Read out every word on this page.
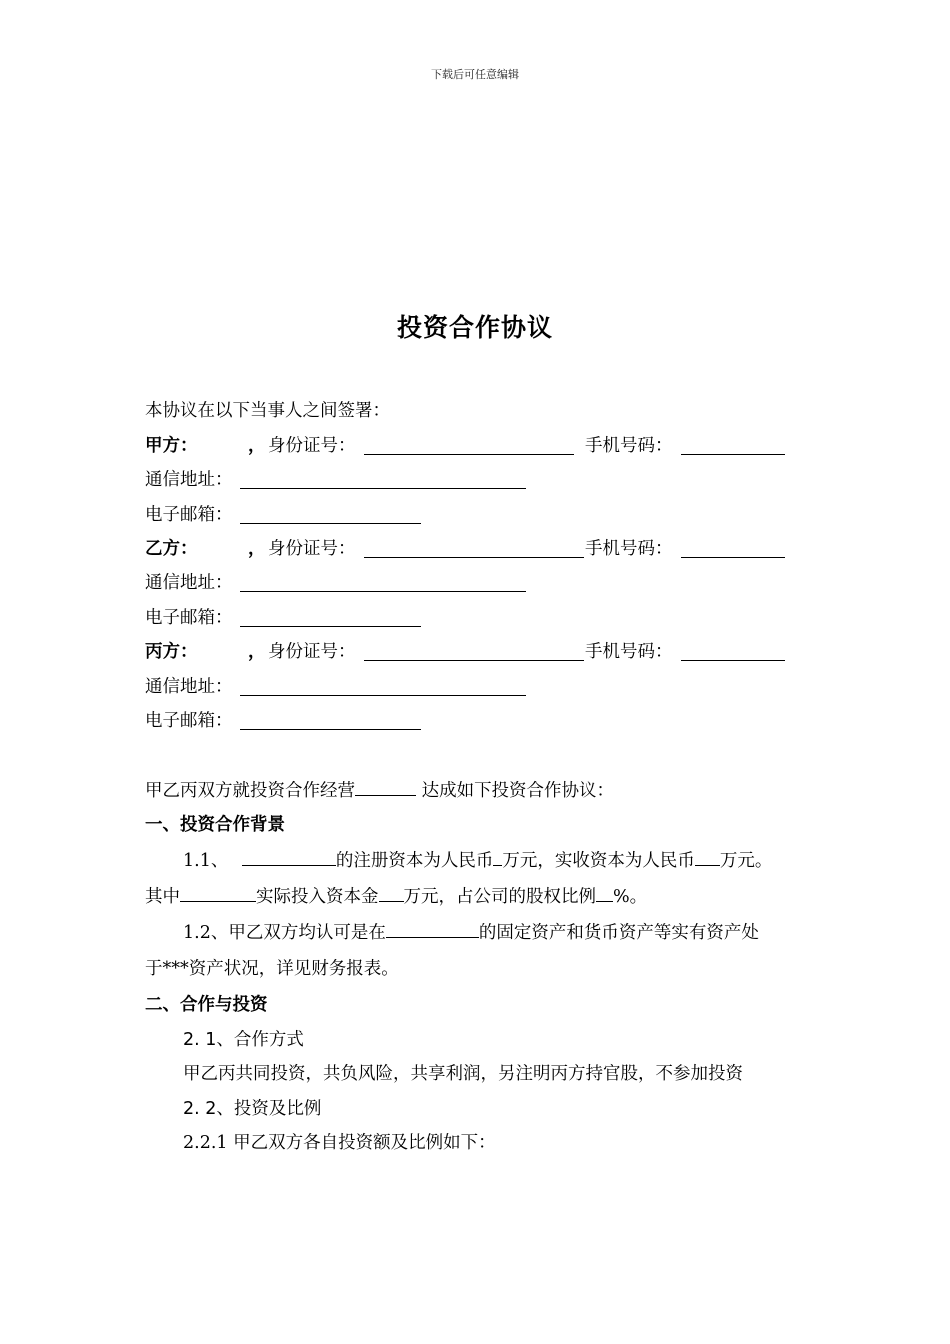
下载后可任意编辑
投资合作协议
本协议在以下当事人之间签署：
甲方：	， 身份证号：	手机号码：
通信地址：
电子邮箱：
乙方：	， 身份证号：	手机号码：
通信地址：
电子邮箱：
丙方：	， 身份证号：	手机号码：
通信地址：
电子邮箱：
甲乙丙双方就投资合作经营	达成如下投资合作协议：
一、投资合作背景
1.1、	的注册资本为人民币 万元，实收资本为人民币 万元。
其中	实际投入资本金 万元，占公司的股权比例 %。
1.2、甲乙双方均认可是在	的固定资产和货币资产等实有资产处
于***资产状况，详见财务报表。
二、合作与投资
2. 1、合作方式
甲乙丙共同投资，共负风险，共享利润，另注明丙方持官股，不参加投资
2. 2、投资及比例
2.2.1 甲乙双方各自投资额及比例如下：
